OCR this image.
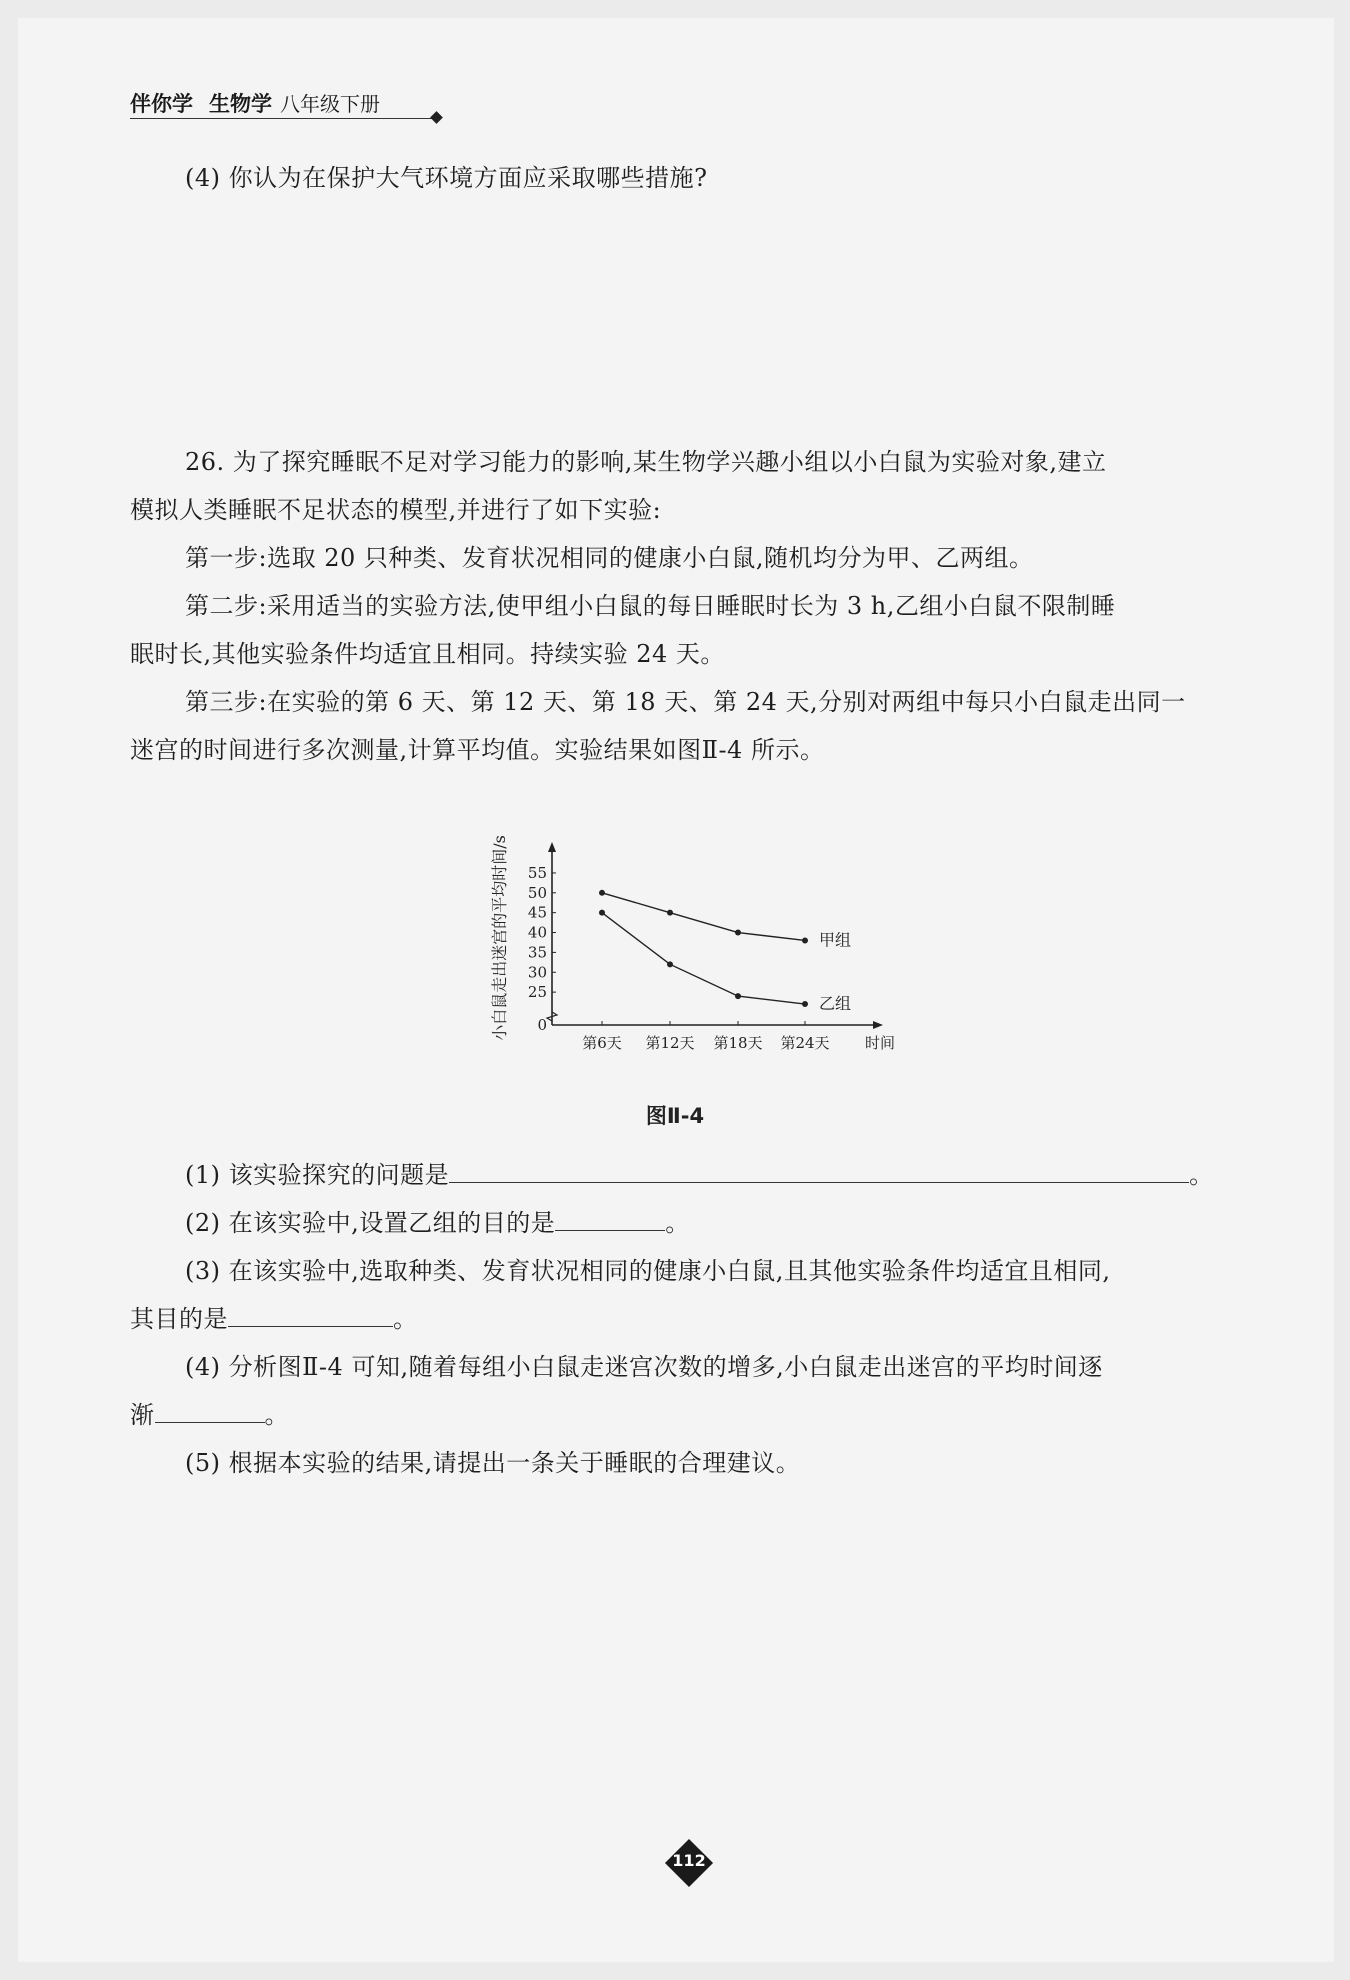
伴你学 生物学 八年级下册
(4) 你认为在保护大气环境方面应采取哪些措施?
26. 为了探究睡眠不足对学习能力的影响,某生物学兴趣小组以小白鼠为实验对象,建立
模拟人类睡眠不足状态的模型,并进行了如下实验:
第一步:选取 20 只种类、发育状况相同的健康小白鼠,随机均分为甲、乙两组。
第二步:采用适当的实验方法,使甲组小白鼠的每日睡眠时长为 3 h,乙组小白鼠不限制睡
眠时长,其他实验条件均适宜且相同。持续实验 24 天。
第三步:在实验的第 6 天、第 12 天、第 18 天、第 24 天,分别对两组中每只小白鼠走出同一
迷宫的时间进行多次测量,计算平均值。实验结果如图Ⅱ-4 所示。
0
25
30
35
40
45
50
55
第6天 第12天 第18天 第24天 时间
小白鼠走出迷宫的平均时间/s	甲组
乙组
图Ⅱ-4
(1) 该实验探究的问题是	。
(2) 在该实验中,设置乙组的目的是	。
(3) 在该实验中,选取种类、发育状况相同的健康小白鼠,且其他实验条件均适宜且相同,
其目的是	。
(4) 分析图Ⅱ-4 可知,随着每组小白鼠走迷宫次数的增多,小白鼠走出迷宫的平均时间逐
渐	。
(5) 根据本实验的结果,请提出一条关于睡眠的合理建议。
112
